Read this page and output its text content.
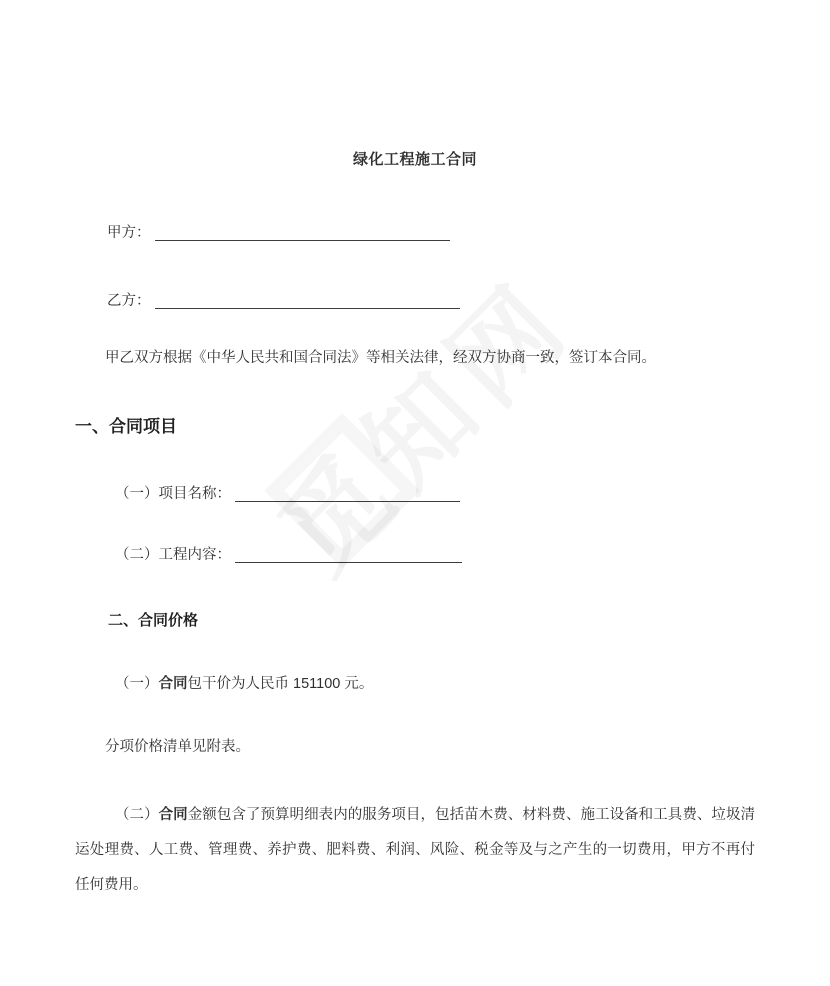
绿化工程施工合同
甲方：
乙方：

甲乙双方根据《中华人民共和国合同法》等相关法律，经双方协商一致，签订本合同。

一、合同项目
（一）项目名称：
（二）工程内容：
二、合同价格

（一）合同包干价为人民币 151100 元。

分项价格清单见附表。

（二）合同金额包含了预算明细表内的服务项目，包括苗木费、材料费、施工设备和工具费、垃圾清运处理费、人工费、管理费、养护费、肥料费、利润、风险、税金等及与之产生的一切费用，甲方不再付任何费用。
